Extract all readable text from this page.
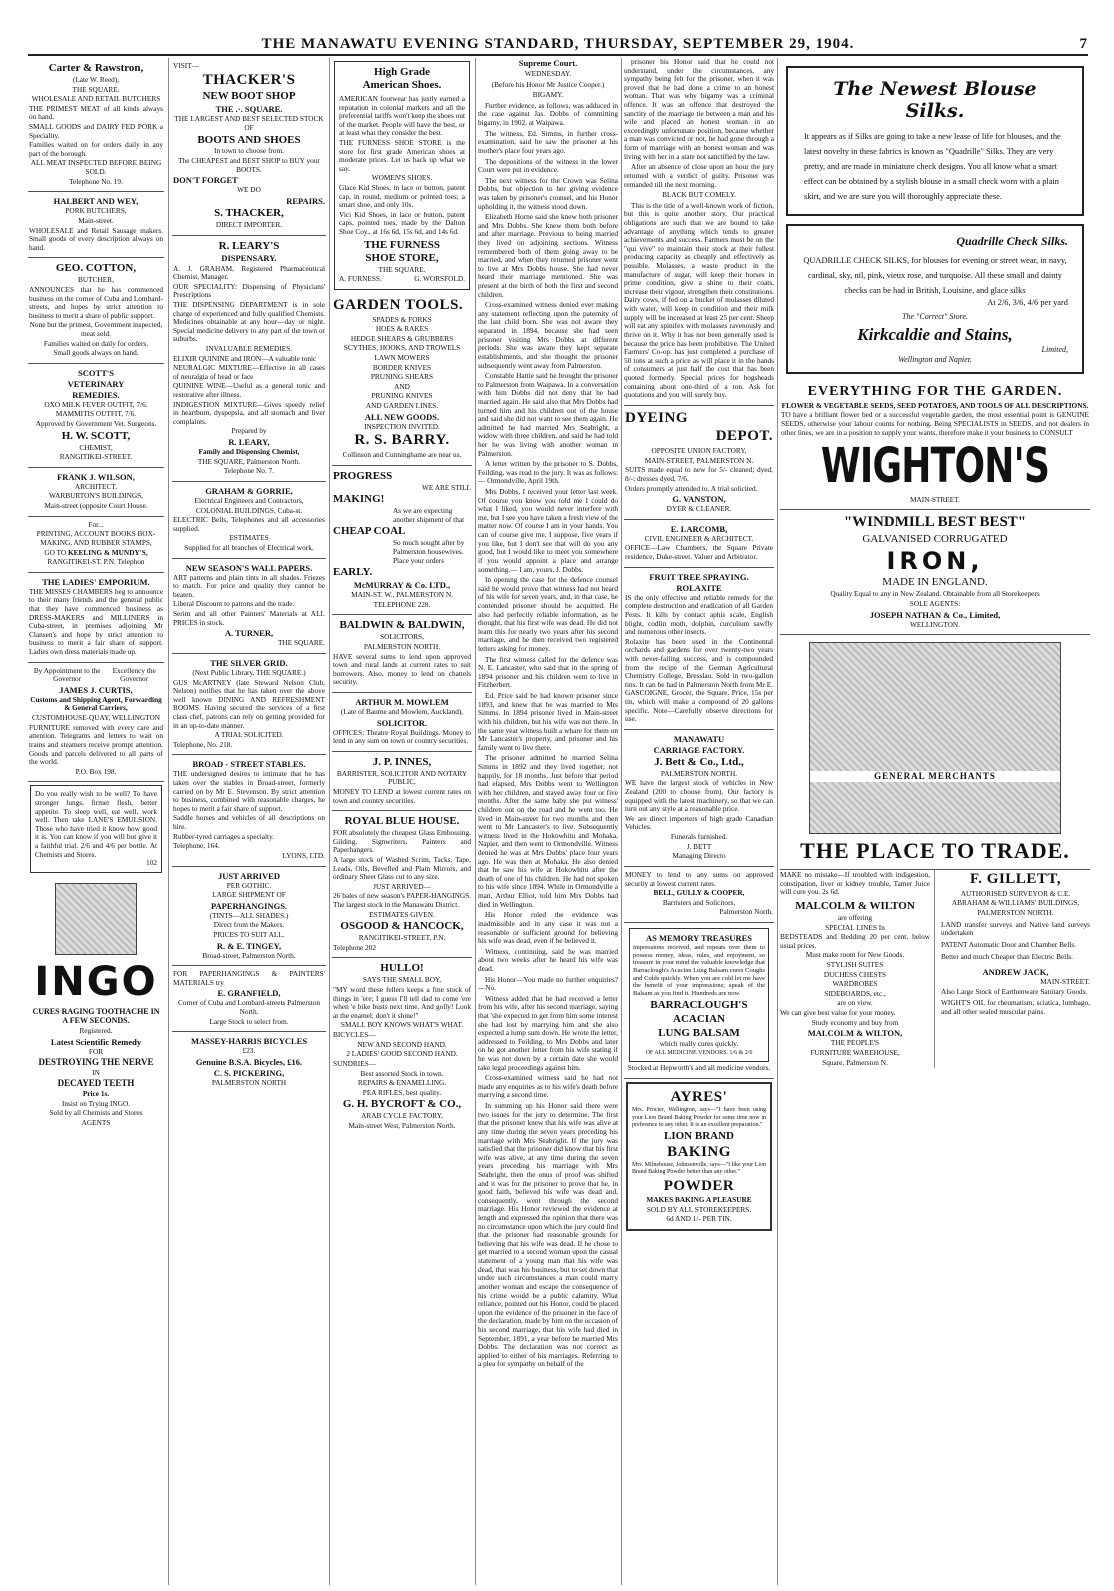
THE MANAWATU EVENING STANDARD, THURSDAY, SEPTEMBER 29, 1904.	7

Carter & Rawstron,

(Late W. Reed),

THE SQUARE.

WHOLESALE AND RETAIL BUTCHERS

THE PRIMEST MEAT of all kinds always on hand.

SMALL GOODS and DAIRY FED PORK a Speciality.

Families waited on for orders daily in any part of the borough.

ALL MEAT INSPECTED BEFORE BEING SOLD.

Telephone No. 19.

HALBERT AND WEY,

PORK BUTCHERS,

Main-street.

WHOLESALE and Retail Sausage makers. Small goods of every description always on hand.

GEO. COTTON,

BUTCHER,

ANNOUNCES that he has commenced business on the corner of Cuba and Lombard-streets, and hopes by strict attention to business to merit a share of public support.

None but the primest, Government inspected, meat sold.

Families waited on daily for orders.

Small goods always on hand.

SCOTT'S

VETERINARY

REMEDIES.

OXO MILK FEVER OUTFIT, 7/6.

MAMMITIS OUTFIT, 7/6.

Approved by Government Vet. Surgeons.

H. W. SCOTT,

CHEMIST,

RANGITIKEI-STREET.

FRANK J. WILSON,

ARCHITECT.

WARBURTON'S BUILDINGS,

Main-street (opposite Court House.

For...

PRINTING, ACCOUNT BOOKS BOX-MAKING, AND RUBBER STAMPS,

GO TO KEELING & MUNDY'S,

RANGITIKEI-ST. P.N. Telephon

THE LADIES' EMPORIUM.

THE MISSES CHAMBERS beg to announce to their many friends and the general public that they have commenced business as DRESS-MAKERS and MILLINERS in Cuba-street, in premises adjoining Mr Clansen's and hope by strict attention to business to merit a fair share of support. Ladies own dress materials made up.

By Appointment to the Governor
Excellency the Governor

JAMES J. CURTIS,

Customs and Shipping Agent, Forwarding & General Carriers,

CUSTOMHOUSE-QUAY, WELLINGTON

FURNITURE removed with every care and attention. Telegrams and letters to wait on trains and steamers receive prompt attention. Goods and parcels delivered to all parts of the world.

P.O. Box 198.

Do you really wish to be well? To have stronger lungs, firmer flesh, better appetite. To sleep well, eat well, work well. Then take LANE'S EMULSION. Those who have tried it know how good it is. You can know if you will but give it a faithful trial. 2/6 and 4/6 per bottle. At Chemists and Stores.

102

INGO

CURES RAGING TOOTHACHE IN A FEW SECONDS.

Registered.

Latest Scientific Remedy

FOR

DESTROYING THE NERVE

IN

DECAYED TEETH

Price 1s.

Insist on Trying INGO.

Sold by all Chemists and Stores

AGENTS

VISIT—

THACKER'S

NEW BOOT SHOP

THE .·. SQUARE.

THE LARGEST AND BEST SELECTED STOCK OF

BOOTS AND SHOES

In town to choose from.

The CHEAPEST and BEST SHOP to BUY your BOOTS.

DON'T FORGET

WE DO

REPAIRS.

S. THACKER,

DIRECT IMPORTER.

R. LEARY'S

DISPENSARY.

A. J. GRAHAM, Registered Pharmaceutical Chemist, Manager.

OUR SPECIALITY: Dispensing of Physicians' Prescriptions

THE DISPENSING DEPARTMENT is in sole charge of experienced and fully qualified Chemists. Medicines obtainable at any hour—day or night. Special medicine delivery to any part of the town or suburbs.

INVALUABLE REMEDIES.

ELIXIR QUININE and IRON—A valuable tonic

NEURALGIC MIXTURE—Effective in all cases of neuralgia of head or face

QUININE WINE—Useful as a general tonic and restorative after illness.

INDIGESTION MIXTURE—Gives speedy relief in heartburn, dyspepsia, and all stomach and liver complaints.

Prepared by

R. LEARY,

Family and Dispensing Chemist,

THE SQUARE, Palmerston North.

Telephone No. 7.

GRAHAM & GORRIE,

Electrical Engineers and Contractors,

COLONIAL BUILDINGS, Cuba-st.

ELECTRIC Bells, Telephones and all accessories supplied.

ESTIMATES

Supplied for all branches of Electrical work.

NEW SEASON'S WALL PAPERS.

ART patterns and plain tints in all shades. Friezes to match. For price and quality they cannot be beaten.

Liberal Discount to patrons and the trade.

Serim and all other Painters' Materials at ALL PRICES in stock.

A. TURNER,

THE SQUARE.

THE SILVER GRID.

(Next Public Library, THE SQUARE.)

GUS McARTNEY (late Steward Nelson Club, Nelson) notifies that he has taken over the above well known DINING AND REFRESHMENT ROOMS. Having secured the services of a first class chef, patrons can rely on getting provided for in an up-to-date manner.

A TRIAL SOLICITED.

Telephone, No. 218.

BROAD - STREET STABLES.

THE undersigned desires to intimate that he has taken over the stables in Broad-street, formerly carried on by Mr E. Stevenson. By strict attention to business, combined with reasonable charges, he hopes to merit a fair share of support.

Saddle horses and vehicles of all descriptions on hire.

Rubber-tyred carriages a specialty.

Telephone, 164.

LYONS, LTD.

JUST ARRIVED

PER GOTHIC.

LARGE SHIPMENT OF

PAPERHANGINGS.

(TINTS—ALL SHADES.)

Direct from the Makers.

PRICES TO SUIT ALL.

R. & E. TINGEY,

Broad-street, Palmerston North.

FOR PAPERHANGINGS & PAINTERS' MATERIALS try

E. GRANFIELD,

Corner of Cuba and Lombard-streets Palmerston North.

Large Stock to select from.

MASSEY-HARRIS BICYCLES

£23.

Genuine B.S.A. Bicycles, £16.

C. S. PICKERING,

PALMERSTON NORTH

High Grade

American Shoes.

AMERICAN footwear has justly earned a reputation in colonial markets and all the preferential tariffs won't keep the shoes out of the market. People will have the best, or at least what they consider the best.

THE FURNESS SHOE STORE is the store for first grade American shoes at moderate prices. Let us back up what we say.

WOMEN'S SHOES.

Glace Kid Shoes, in lace or button, patent cap, in round, medium or pointed toes; a smart shoe, and only 10s.

Vici Kid Shoes, in lace or button, patent caps, pointed toes, made by the Dalton Shoe Coy., at 16s 6d, 15s 6d, and 14s 6d.

THE FURNESS

SHOE STORE,

THE SQUARE.

A. FURNESS.	G. WORSFOLD.

GARDEN TOOLS.

SPADES & FORKS

HOES & RAKES

HEDGE SHEARS & GRUBBERS

SCYTHES, HOOKS, AND TROWELS

LAWN MOWERS

BORDER KNIVES

PRUNING SHEARS

AND

PRUNING KNIVES

AND GARDEN LINES.

ALL NEW GOODS.

INSPECTION INVITED.

R. S. BARRY.

Collinson and Cunninghame are near us.

PROGRESS

WE ARE STILL

MAKING!

As we are expecting another shipment of that

CHEAP COAL

So much sought after by Palmerston housewives. Place your orders

EARLY.

McMURRAY & Co. LTD.,

MAIN-ST. W., PALMERSTON N.

TELEPHONE 228.

BALDWIN & BALDWIN,

SOLICITORS,

PALMERSTON NORTH.

HAVE several sums to lend upon approved town and rural lands at current rates to suit borrowers. Also, money to lend on chattels security.

ARTHUR M. MOWLEM

(Late of Baume and Mowlem, Auckland),

SOLICITOR.

OFFICES: Theatre Royal Buildings. Money to lend in any sum on town or country securities.

J. P. INNES,

BARRISTER, SOLICITOR AND NOTARY PUBLIC,

MONEY TO LEND at lowest current rates on town and country securities.

ROYAL BLUE HOUSE.

FOR absolutely the cheapest Glass Embossing, Gilding, Signwriters, Painters and Paperhangers.

A large stock of Washed Scrim, Tacks, Tape, Leads, Oils, Bevelled and Plain Mirrors, and ordinary Sheet Glass cut to any size.

JUST ARRIVED—

26 bales of new season's PAPER-HANGINGS. The largest stock in the Manawatu District.

ESTIMATES GIVEN.

OSGOOD & HANCOCK,

RANGITIKEI-STREET, P.N.

Telephone 202

HULLO!

SAYS THE SMALL BOY,

"MY word these fellers keeps a fine stock of things in 'ere; I guess I'll tell dad to come 'ere when 'e bike busts next time. And golly! Look at the enamel; don't it shine!"

SMALL BOY KNOWS WHAT'S WHAT.

BICYCLES—

NEW AND SECOND HAND.

2 LADIES' GOOD SECOND HAND.

SUNDRIES—

Best assorted Stock in town.

REPAIRS & ENAMELLING.

PEA RIFLES, best quality.

G. H. BYCROFT & CO.,

ARAB CYCLE FACTORY,

Main-street West, Palmerston North.

Supreme Court.

WEDNESDAY.

(Before his Honor Mr Justice Cooper.)

BIGAMY.

Further evidence, as follows, was adduced in the case against Jas. Dobbs of committing bigamy, in 1902, at Waipawa.

The witness, Ed. Simms, in further cross-examination, said he saw the prisoner at his mother's place four years ago.

The depositions of the witness in the lower Court were put in evidence.

The next witness for the Crown was Selina Dobbs, but objection to her giving evidence was taken by prisoner's counsel, and his Honor upholding it, the witness stood down.

Elizabeth Horne said she knew both prisoner and Mrs Dobbs. She knew them both before and after marriage. Previous to being married they lived on adjoining sections. Witness remembered both of them going away to be married, and when they returned prisoner went to live at Mrs Dobbs house. She had never heard their marriage mentioned. She was present at the birth of both the first and second children.

Cross-examined witness denied ever making any statement reflecting upon the paternity of the last child born. She was not aware they separated in 1894, because she had seen prisoner visiting Mrs Dobbs at different periods. She was aware they kept separate establishments, and she thought the prisoner subsequently went away from Palmerston.

Constable Hattie said he brought the prisoner to Palmerston from Waipawa. In a conversation with him Dobbs did not deny that he had married again. He said also that Mrs Dobbs had turned him and his children out of the house and said she did not want to see them again. He admitted he had married Mrs Seabright, a widow with three children, and said he had told her he was living with another woman in Palmerston.

A letter written by the prisoner to S. Dobbs, Feilding, was read to the jury. It was as follows:— Ormondville, April 19th.

Mrs Dobbs, I received your letter last week. Of course you know you told me I could do what I liked, you would never interfere with me, but I see you have taken a fresh view of the matter now. Of course I am in your hands. You can of course give me, I suppose, five years if you like, but I don't see that will do you any good, but I would like to meet you somewhere if you would appoint a place and arrange something.— I am, yours, J. Dobbs.

In opening the case for the defence counsel said he would prove that witness had not heard of his wife for seven years, and, in that case, he contended prisoner should be acquitted. He also had perfectly reliable information, as he thought, that his first wife was dead. He did not learn this for nearly two years after his second marriage, and he then received two registered letters asking for money.

The first witness called for the defence was N. E. Lancaster, who said that in the spring of 1894 prisoner and his children went to live in Fitzherbert.

Ed. Price said he had known prisoner since 1893, and knew that he was married to Mrs Simms. In 1894 prisoner lived in Main-street with his children, but his wife was not there. In the same year witness built a whare for them on Mr Lancaster's property, and prisoner and his family went to live there.

The prisoner admitted he married Selina Simms in 1892 and they lived together, not happily, for 18 months. Just before that period had elapsed, Mrs Dobbs went to Wellington with her children, and stayed away four or five months. After the same baby she put witness' children out on the road and he went too. He lived in Main-street for two months and then went to Mr Lancaster's to live. Subsequently witness lived in the Hokowhitu and Mohaka, Napier, and then went to Ormondville. Witness denied he was at Mrs Dobbs' place four years ago. He was then at Mohaka. He also denied that he saw his wife at Hokowhitu after the death of one of his children. He had not spoken to his wife since 1894. While in Ormondville a man, Arthur Elliot, told him Mrs Dobbs had died in Wellington.

His Honor ruled the evidence was inadmissible and in any case it was not a reasonable or sufficient ground for believing his wife was dead, even if he believed it.

Witness, continuing, said he was married about two weeks after he heard his wife was dead.

His Honor—You made no further enquiries?—No.

Witness added that he had received a letter from his wife, after his second marriage, saying that 'she expected to get from him some interest she had lost by marrying him and she also expected a lump sum down. He wrote the letter, addressed to Feilding, to Mrs Dobbs and later on he got another letter from his wife stating if he was not down by a certain date she would take legal proceedings against him.

Cross-examined witness said he had not made any enquiries as to his wife's death before marrying a second time.

In summing up his Honor said there were two issues for the jury to determine. The first that the prisoner knew that his wife was alive at any time during the seven years preceding his marriage with Mrs Seabright. If the jury was satisfied that the prisoner did know that his first wife was alive, at any time during the seven years preceding his marriage with Mrs Seabright, then the onus of proof was shifted and it was for the prisoner to prove that he, in good faith, believed his wife was dead and, consequently, went through the second marriage. His Honor reviewed the evidence at length and expressed the opinion that there was no circumstance upon which the jury could find that the prisoner had reasonable grounds for believing that his wife was dead. If he chose to get married to a second woman upon the casual statement of a young man that his wife was dead, that was his business, but to set down that under such circumstances a man could marry another woman and escape the consequence of his crime would be a public calamity. What reliance, pointed out his Honor, could be placed upon the evidence of the prisoner in the face of the declaration, made by him on the occasion of his second marriage, that his wife had died in September, 1891, a year before he married Mrs Dobbs. The declaration was not correct as applied to either of his marriages. Referring to a plea for sympathy on behalf of the

prisoner his Honor said that he could not understand, under the circumstances, any sympathy being felt for the prisoner, when it was proved that he had done a crime to an honest woman. That was why bigamy was a criminal offence. It was an offence that destroyed the sanctity of the marriage tie between a man and his wife and placed an honest woman in an exceedingly unfortunate position, because whether a man was convicted or not, he had gone through a form of marriage with an honest woman and was living with her in a state not sanctified by the law.

After an absence of close upon an hour the jury returned with a verdict of guilty. Prisoner was remanded till the next morning.

BLACK BUT COMELY.

This is the title of a well-known work of fiction, but this is quite another story. Our practical obligations are such that we are bound to take advantage of anything which tends to greater achievements and success. Farmers must be on the "qui vive" to maintain their stock at their fullest producing capacity as cheaply and effectively as possible. Molasses, a waste product in the manufacture of sugar, will keep their horses in prime condition, give a shine to their coats, increase their vigour, strengthen their constitutions. Dairy cows, if fed on a bucket of molasses diluted with water, will keep in condition and their milk supply will be increased at least 25 per cent. Sheep will eat any spinifex with molasses ravenously and thrive on it. Why it has not been generally used is because the price has been prohibitive. The United Farmers' Co-op. has just completed a purchase of 50 tons at such a price as will place it in the hands of consumers at just half the cost that has been quoted formerly. Special prices for hogsheads containing about one-third of a ton. Ask for quotations and you will surely buy.

DYEING

DEPOT.

OPPOSITE UNION FACTORY,

MAIN-STREET, PALMERSTON N.

SUITS made equal to new for 5/- cleaned; dyed, 8/-; dresses dyed, 7/6.

Orders promptly attended to. A trial solicited.

G. VANSTON,

DYER & CLEANER.

E. LARCOMB,

CIVIL ENGINEER & ARCHITECT.

OFFICE—Law Chambers, the Square Private residence, Duke-street. Valuer and Arbitrator.

FRUIT TREE SPRAYING.

ROLAXITE

IS the only effective and reliable remedy for the complete destruction and eradication of all Garden Pests. It kills by contact aphis scale, English blight, codlin moth, dolphin, curculium sawfly and numerous other insects.

Rolaxite has been used in the Continental orchards and gardens for over twenty-two years with never-failing success, and is compounded from the recipe of the German Agricultural Chemistry College, Bresslau. Sold in two-gallon tins. It can be had in Palmerston North from Mr E. GASCOIGNE, Grocer, the Square. Price, 15s per tin, which will make a compound of 20 gallons specific. Note—Carefully observe directions for use.

MANAWATU

CARRIAGE FACTORY.

J. Bett & Co., Ltd.,

PALMERSTON NORTH.

WE have the largest stock of vehicles in New Zealand (200 to choose from). Our factory is equipped with the latest machinery, so that we can turn out any style at a reasonable price.

We are direct importers of high grade Canadian Vehicles.

Funerals furnished.

J. BETT

Managing Directo

MONEY to lend to any sums on approved security at lowest current rates.

BELL, GULLY & COOPER,

Barristers and Solicitors,

Palmerston North.

AS MEMORY TREASURES

impressions received, and repeats over them to possess money, ideas, rules, and enjoyment, so treasure in your mind the valuable knowledge that Barraclough's Acacian Lung Balsam cures Coughs and Colds quickly. When you are cold let me have the benefit of your impressions; speak of the Balsam as you find it. Hundreds are now.

BARRACLOUGH'S

ACACIAN

LUNG BALSAM

which really cures quickly.

OF ALL MEDICINE VENDORS. 1/6 & 2/6

Stocked at Hepworth's and all medicine vendors.

AYRES'

Mrs. Procter, Wellington, says—"I have been using your Lion Brand Baking Powder for some time now in preference to any other. It is an excellent preparation."

LION BRAND

BAKING

Mrs. Milnehouse, Johnsonville, says—"I like your Lion Brand Baking Powder better than any other."

POWDER

MAKES BAKING A PLEASURE

SOLD BY ALL STOREKEEPERS.

6d AND 1/- PER TIN.

The Newest Blouse
Silks.
It appears as if Silks are going to take a new lease of life for blouses, and the latest novelty in these fabrics is known as "Quadrille" Silks. They are very pretty, and are made in miniature check designs. You all know what a smart effect can be obtained by a stylish blouse in a small check worn with a plain skirt, and we are sure you will thoroughly appreciate these.
Quadrille Check Silks.
QUADRILLE CHECK SILKS, for blouses for evening or street wear, in navy, cardinal, sky, nil, pink, vieux rose, and turquoise. All these small and dainty checks can be had in British, Louisine, and glace silks
At 2/6, 3/6, 4/6 per yard
The "Correct" Store.
Kirkcaldie and Stains,
Limited,
Wellington and Napier.

EVERYTHING FOR THE GARDEN.

FLOWER & VEGETABLE SEEDS, SEED POTATOES, AND TOOLS OF ALL DESCRIPTIONS.

TO have a brilliant flower bed or a successful vegetable garden, the most essential point is GENUINE SEEDS, otherwise your labour counts for nothing. Being SPECIALISTS in SEEDS, and not dealers in other lines, we are in a position to supply your wants, therefore make it your business to CONSULT

WIGHTON'S

MAIN-STREET.

"WINDMILL BEST BEST"

GALVANISED CORRUGATED

IRON,

MADE IN ENGLAND.

Quality Equal to any in New Zealand. Obtainable from all Storekeepers

SOLE AGENTS:

JOSEPH NATHAN & Co., Limited,

WELLINGTON.

GENERAL MERCHANTS

THE PLACE TO TRADE.

MAKE no mistake—If troubled with indigestion, constipation, liver or kidney trouble, Tamer Juice will cure you. 2s 6d.

MALCOLM & WILTON

are offering

SPECIAL LINES In

BEDSTEADS and Bedding 20 per cent. below usual prices.

Must make room for New Goods.

STYLISH SUITES

DUCHESS CHESTS

WARDROBES

SIDEBOARDS, etc.,

are on view.

We can give best value for your money.

Study economy and buy from

MALCOLM & WILTON,

THE PEOPLE'S

FURNITURE WAREHOUSE,

Square, Palmerston N.

F. GILLETT,

AUTHORISED SURVEYOR & C.E.

ABRAHAM & WILLIAMS' BUILDINGS,

PALMERSTON NORTH.

LAND transfer surveys and Native land surveys undertaken

PATENT Automatic Door and Chamber Bells.

Better and much Cheaper than Electric Bells.

ANDREW JACK,

MAIN-STREET.

Also Large Stock of Earthenware Sanitary Goods.

WIGHT'S OIL for rheumatism, sciatica, lumbago, and all other sealed muscular pains.
